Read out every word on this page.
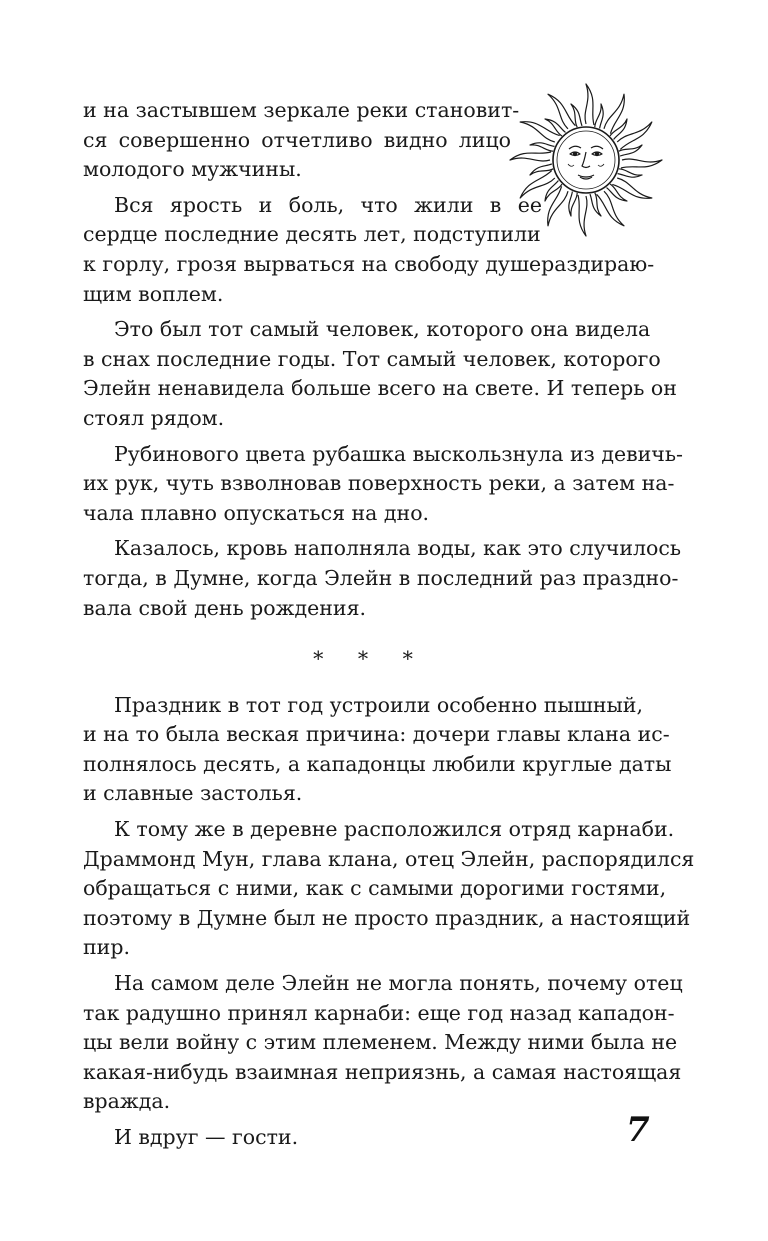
и на застывшем зеркале реки становит-
ся совершенно отчетливо видно лицо
молодого мужчины.
Вся ярость и боль, что жили в ее
сердце последние десять лет, подступили
к горлу, грозя вырваться на свободу душераздираю-
щим воплем.
Это был тот самый человек, которого она видела
в снах последние годы. Тот самый человек, которого
Элейн ненавидела больше всего на свете. И теперь он
стоял рядом.
Рубинового цвета рубашка выскользнула из девичь-
их рук, чуть взволновав поверхность реки, а затем на-
чала плавно опускаться на дно.
Казалось, кровь наполняла воды, как это случилось
тогда, в Думне, когда Элейн в последний раз праздно-
вала свой день рождения.
* * *
Праздник в тот год устроили особенно пышный,
и на то была веская причина: дочери главы клана ис-
полнялось десять, а кападонцы любили круглые даты
и славные застолья.
К тому же в деревне расположился отряд карнаби.
Драммонд Мун, глава клана, отец Элейн, распорядился
обращаться с ними, как с самыми дорогими гостями,
поэтому в Думне был не просто праздник, а настоящий
пир.
На самом деле Элейн не могла понять, почему отец
так радушно принял карнаби: еще год назад кападон-
цы вели войну с этим племенем. Между ними была не
какая-нибудь взаимная неприязнь, а самая настоящая
вражда.
И вдруг — гости.	7
